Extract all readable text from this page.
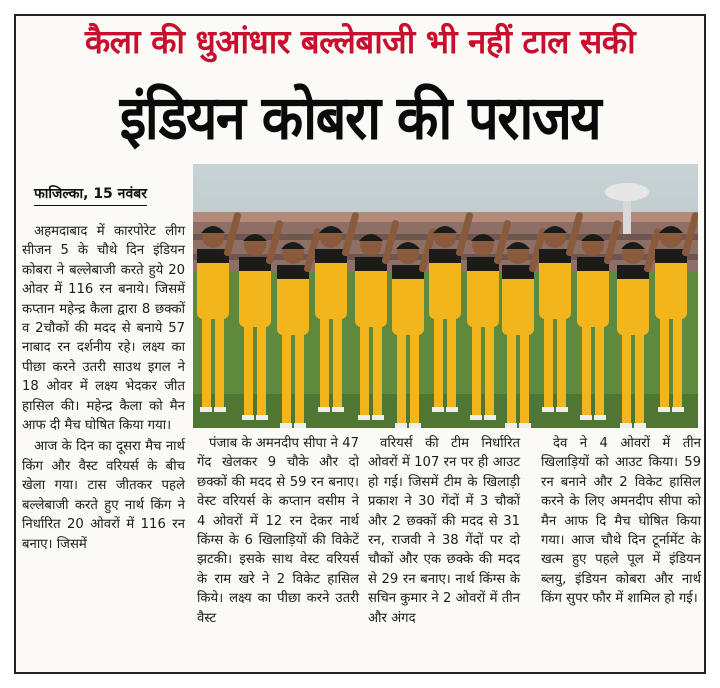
कैला की धुआंधार बल्लेबाजी भी नहीं टाल सकी
इंडियन कोबरा की पराजय
फाजिल्का, 15 नवंबर

अहमदाबाद में कारपोरेट लीग सीजन 5 के चौथे दिन इंडियन कोबरा ने बल्लेबाजी करते हुये 20 ओवर में 116 रन बनाये। जिसमें कप्तान महेन्द्र कैला द्वारा 8 छक्कों व 2चौकों की मदद से बनाये 57 नाबाद रन दर्शनीय रहे। लक्ष्य का पीछा करने उतरी साउथ इगल ने 18 ओवर में लक्ष्य भेदकर जीत हासिल की। महेन्द्र कैला को मैन आफ दी मैच घोषित किया गया।

आज के दिन का दूसरा मैच नार्थ किंग और वैस्ट वरियर्स के बीच खेला गया। टास जीतकर पहले बल्लेबाजी करते हुए नार्थ किंग ने निर्धारित 20 ओवरों में 116 रन बनाए। जिसमें

पंजाब के अमनदीप सीपा ने 47 गेंद खेलकर 9 चौके और दो छक्कों की मदद से 59 रन बनाए। वेस्ट वरियर्स के कप्तान वसीम ने 4 ओवरों में 12 रन देकर नार्थ किंग्स के 6 खिलाड़ियों की विकेटें झटकी। इसके साथ वेस्ट वरियर्स के राम खरे ने 2 विकेट हासिल किये। लक्ष्य का पीछा करने उतरी वैस्ट

वरियर्स की टीम निर्धारित ओवरों में 107 रन पर ही आउट हो गई। जिसमें टीम के खिलाड़ी प्रकाश ने 30 गेंदों में 3 चौकों और 2 छक्कों की मदद से 31 रन, राजवी ने 38 गेंदों पर दो चौकों और एक छक्के की मदद से 29 रन बनाए। नार्थ किंग्स के सचिन कुमार ने 2 ओवरों में तीन और अंगद

देव ने 4 ओवरों में तीन खिलाड़ियों को आउट किया। 59 रन बनाने और 2 विकेट हासिल करने के लिए अमनदीप सीपा को मैन आफ दि मैच घोषित किया गया। आज चौथे दिन टूर्नामेंट के खत्म हुए पहले पूल में इंडियन ब्लयु, इंडियन कोबरा और नार्थ किंग सुपर फौर में शामिल हो गई।
